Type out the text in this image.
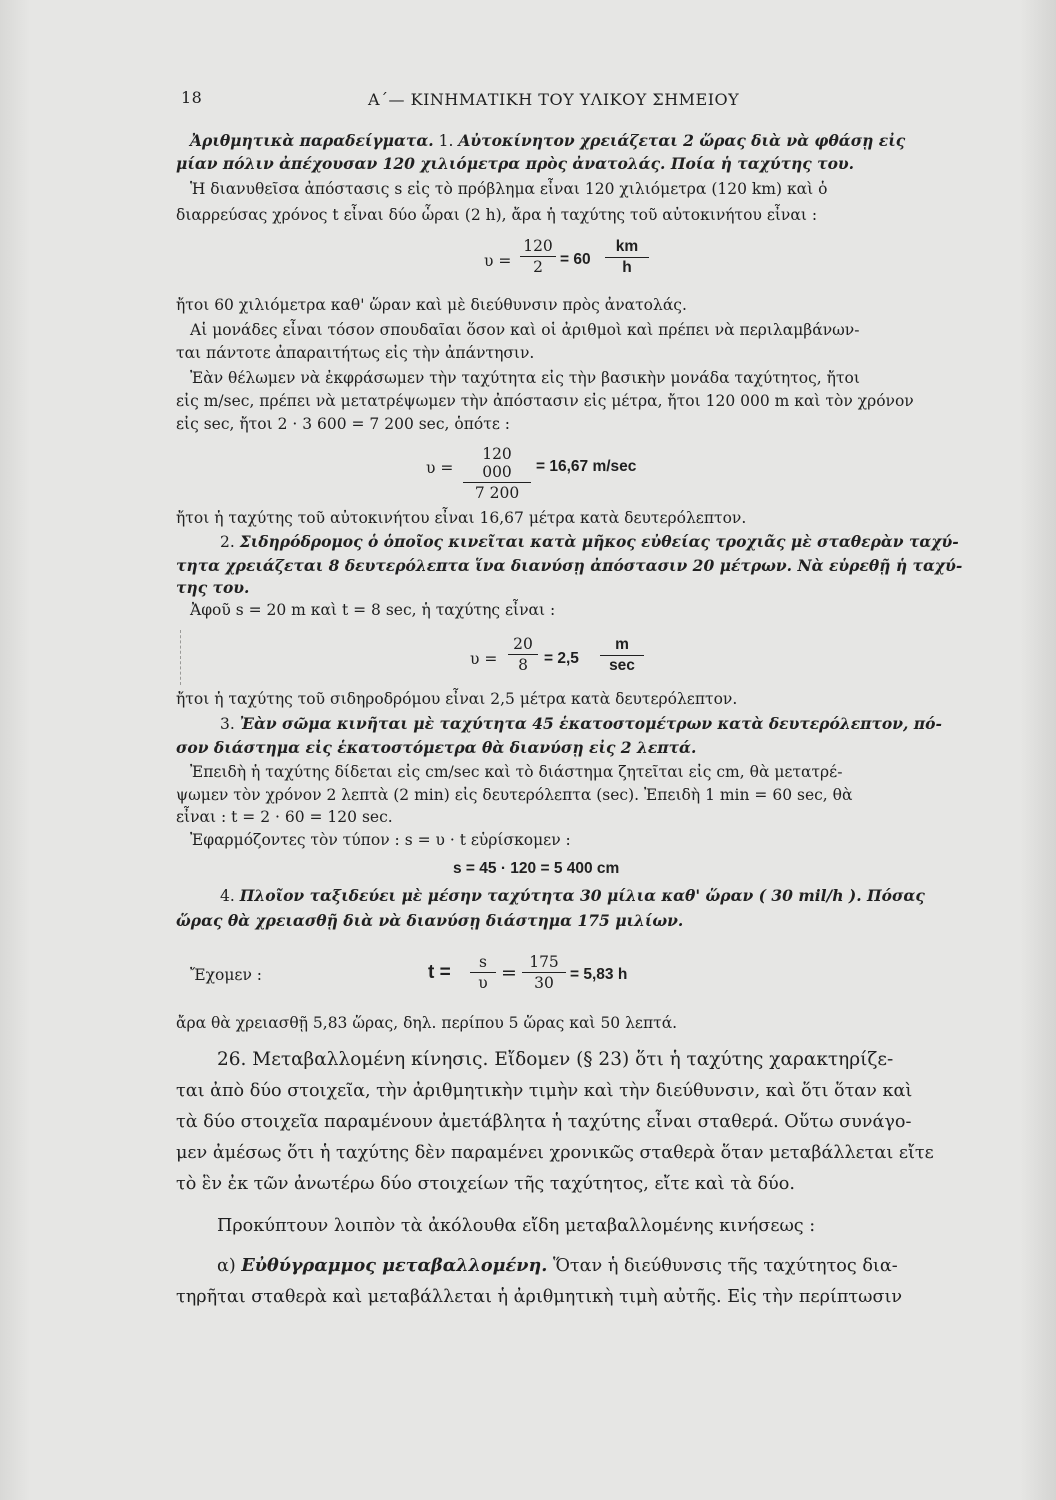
18	Α΄— ΚΙΝΗΜΑΤΙΚΗ ΤΟΥ ΥΛΙΚΟΥ ΣΗΜΕΙΟΥ
Ἀριθμητικὰ παραδείγματα. 1. Αὐτοκίνητον χρειάζεται 2 ὥρας διὰ νὰ φθάσῃ εἰς
μίαν πόλιν ἀπέχουσαν 120 χιλιόμετρα πρὸς ἀνατολάς. Ποία ἡ ταχύτης του.
Ἡ διανυθεῖσα ἀπόστασις s εἰς τὸ πρόβλημα εἶναι 120 χιλιόμετρα (120 km) καὶ ὁ
διαρρεύσας χρόνος t εἶναι δύο ὧραι (2 h), ἄρα ἡ ταχύτης τοῦ αὐτοκινήτου εἶναι :
$\upsilon = \frac{120}{2} = 60 \frac{km}{h}$
ἤτοι 60 χιλιόμετρα καθ' ὥραν καὶ μὲ διεύθυνσιν πρὸς ἀνατολάς.
Αἱ μονάδες εἶναι τόσον σπουδαῖαι ὅσον καὶ οἱ ἀριθμοὶ καὶ πρέπει νὰ περιλαμβάνων-
ται πάντοτε ἀπαραιτήτως εἰς τὴν ἀπάντησιν.
Ἐὰν θέλωμεν νὰ ἐκφράσωμεν τὴν ταχύτητα εἰς τὴν βασικὴν μονάδα ταχύτητος, ἤτοι
εἰς m/sec, πρέπει νὰ μετατρέψωμεν τὴν ἀπόστασιν εἰς μέτρα, ἤτοι 120 000 m καὶ τὸν χρόνον
εἰς sec, ἤτοι 2 · 3 600 = 7 200 sec, ὁπότε :
$\upsilon = \frac{120 000}{7 200} = 16,67$ m/sec
ἤτοι ἡ ταχύτης τοῦ αὐτοκινήτου εἶναι 16,67 μέτρα κατὰ δευτερόλεπτον.
2. Σιδηρόδρομος ὁ ὁποῖος κινεῖται κατὰ μῆκος εὐθείας τροχιᾶς μὲ σταθερὰν ταχύ-
τητα χρειάζεται 8 δευτερόλεπτα ἵνα διανύσῃ ἀπόστασιν 20 μέτρων. Νὰ εὑρεθῇ ἡ ταχύ-
της του.
Ἀφοῦ s = 20 m καὶ t = 8 sec, ἡ ταχύτης εἶναι :
$\upsilon = \frac{20}{8} = 2,5$
m
sec
ἤτοι ἡ ταχύτης τοῦ σιδηροδρόμου εἶναι 2,5 μέτρα κατὰ δευτερόλεπτον.
3. Ἐὰν σῶμα κινῆται μὲ ταχύτητα 45 ἑκατοστομέτρων κατὰ δευτερόλεπτον, πό-
σον διάστημα εἰς ἑκατοστόμετρα θὰ διανύσῃ εἰς 2 λεπτά.
Ἐπειδὴ ἡ ταχύτης δίδεται εἰς cm/sec καὶ τὸ διάστημα ζητεῖται εἰς cm, θὰ μετατρέ-
ψωμεν τὸν χρόνον 2 λεπτὰ (2 min) εἰς δευτερόλεπτα (sec). Ἐπειδὴ 1 min = 60 sec, θὰ
εἶναι : t = 2 · 60 = 120 sec.
Ἐφαρμόζοντες τὸν τύπον : s = υ · t εὑρίσκομεν :
s = 45 · 120 = 5 400 cm
4. Πλοῖον ταξιδεύει μὲ μέσην ταχύτητα 30 μίλια καθ' ὥραν ( 30 mil/h ). Πόσας
ὥρας θὰ χρειασθῇ διὰ νὰ διανύσῃ διάστημα 175 μιλίων.
Ἔχομεν :	$t = \frac{s}{\upsilon} = \frac{175}{30} = 5,83$ h
ἄρα θὰ χρειασθῇ 5,83 ὥρας, δηλ. περίπου 5 ὥρας καὶ 50 λεπτά.
26. Μεταβαλλομένη κίνησις. Εἴδομεν (§ 23) ὅτι ἡ ταχύτης χαρακτηρίζε-
ται ἀπὸ δύο στοιχεῖα, τὴν ἀριθμητικὴν τιμὴν καὶ τὴν διεύθυνσιν, καὶ ὅτι ὅταν καὶ
τὰ δύο στοιχεῖα παραμένουν ἀμετάβλητα ἡ ταχύτης εἶναι σταθερά. Οὕτω συνάγο-
μεν ἀμέσως ὅτι ἡ ταχύτης δὲν παραμένει χρονικῶς σταθερὰ ὅταν μεταβάλλεται εἴτε
τὸ ἓν ἐκ τῶν ἀνωτέρω δύο στοιχείων τῆς ταχύτητος, εἴτε καὶ τὰ δύο.
Προκύπτουν λοιπὸν τὰ ἀκόλουθα εἴδη μεταβαλλομένης κινήσεως :
α) Εὐθύγραμμος μεταβαλλομένη. Ὅταν ἡ διεύθυνσις τῆς ταχύτητος δια-
τηρῆται σταθερὰ καὶ μεταβάλλεται ἡ ἀριθμητικὴ τιμὴ αὐτῆς. Εἰς τὴν περίπτωσιν
